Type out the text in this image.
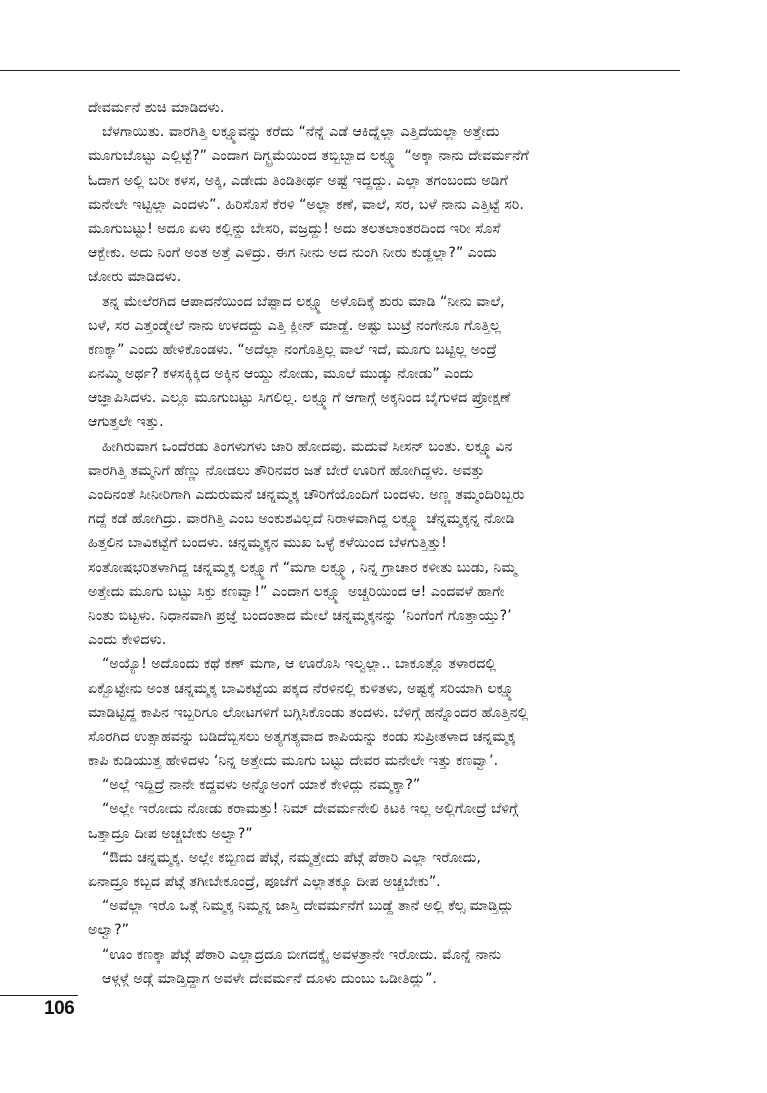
ದೇವರ್ಮನೆ ಶುಚಿ ಮಾಡಿದಳು.
ಬೆಳಗಾಯಿತು. ವಾರಗಿತ್ತಿ ಲಕ್ಷ್ಮೂವನ್ನು ಕರೆದು “ನೆನ್ನೆ ಎಡೆ ಆಕಿದ್ನೆಲ್ಲಾ ಎತ್ತಿದೆಯಲ್ಲಾ ಅತ್ತೇದು
ಮೂಗುಬೊಟ್ಟು ಎಲ್ಲಿಟ್ಟೆ?” ಎಂದಾಗ ದಿಗ್ಭ್ರಮೆಯಿಂದ ತಬ್ಬಿಬ್ಬಾದ ಲಕ್ಷ್ಮೂ “ಅಕ್ಕಾ ನಾನು ದೇವರ್ಮನೆಗೆ
ಓದಾಗ ಅಲ್ಲಿ ಬರೀ ಕಳಸ, ಅಕ್ಕಿ, ಎಡೇದು ತಿಂಡಿತೀರ್ಥ ಅಷ್ಟೆ ಇದ್ದದ್ದು. ಎಲ್ಲಾ ತಗಂಬಂದು ಅಡಿಗೆ
ಮನೇಲೇ ಇಟ್ಟಿಲ್ಲಾ ಎಂದಳು”. ಹಿರಿಸೊಸೆ ಕೆರಳಿ “ಅಲ್ಲಾ ಕಣೆ, ವಾಲೆ, ಸರ, ಬಳೆ ನಾನು ಎತ್ತಿಟ್ಟೆ ಸರಿ.
ಮೂಗುಬಟ್ಟು! ಅದೂ ಏಳು ಕಲ್ಲಿನ್ದು ಬೇಸರಿ, ವಜ್ರದ್ದು! ಅದು ತಲತಲಾಂತರದಿಂದ ಇರೀ ಸೊಸೆ
ಆಕ್ಬೇಕು. ಅದು ನಿಂಗೆ ಅಂತ ಅತ್ತೆ ಎಳಿದ್ರು. ಈಗ ನೀನು ಅದ ನುಂಗಿ ನೀರು ಕುಡ್ದಲ್ಲಾ?” ಎಂದು
ಜೋರು ಮಾಡಿದಳು.
ತನ್ನ ಮೇಲೆರಗಿದ ಆಪಾದನೆಯಿಂದ ಬೆಪ್ಪಾದ ಲಕ್ಷ್ಮೂ ಅಳೊದಿಕ್ಕೆ ಶುರು ಮಾಡಿ “ನೀನು ವಾಲೆ,
ಬಳೆ, ಸರ ಎತ್ತಂಡ್ಮೇಲೆ ನಾನು ಉಳದದ್ದು ಎತ್ತಿ ಕ್ಲೀನ್ ಮಾಡ್ದೆ. ಅಷ್ಟು ಬುಟ್ರೆ ನಂಗೇನೂ ಗೊತ್ತಿಲ್ಲ
ಕಣಕ್ಕಾ” ಎಂದು ಹೇಳಿಕೊಂಡಳು. “ಅದೆಲ್ಲಾ ನಂಗೊತ್ತಿಲ್ಲ ವಾಲೆ ಇದೆ, ಮೂಗು ಬಟ್ಟಿಲ್ಲ ಅಂದ್ರೆ
ಏನಮ್ಮಿ ಅರ್ಥ? ಕಳಸಕ್ಕಿಕ್ಕಿದ ಅಕ್ಕಿನ ಆಯ್ದು ನೋಡು, ಮೂಲೆ ಮುಡ್ಕು ನೋಡು” ಎಂದು
ಆಜ್ಞಾಪಿಸಿದಳು. ಎಲ್ಲೂ ಮೂಗುಬಟ್ಟು ಸಿಗಲಿಲ್ಲ. ಲಕ್ಷ್ಮೂಗೆ ಆಗಾಗ್ಗೆ ಅಕ್ಕನಿಂದ ಬೈಗುಳದ ಪ್ರೋಕ್ಷಣೆ
ಆಗುತ್ತಲೇ ಇತ್ತು.
ಹೀಗಿರುವಾಗ ಒಂದೆರಡು ತಿಂಗಳುಗಳು ಜಾರಿ ಹೋದವು. ಮದುವೆ ಸೀಸನ್ ಬಂತು. ಲಕ್ಷ್ಮೂವಿನ
ವಾರಗಿತ್ತಿ ತಮ್ಮನಿಗೆ ಹೆಣ್ಣು ನೋಡಲು ತೌರಿನವರ ಜತೆ ಬೇರೆ ಊರಿಗೆ ಹೋಗಿದ್ದಳು. ಅವತ್ತು
ಎಂದಿನಂತೆ ಸೀನೀರಿಗಾಗಿ ಎದುರುಮನೆ ಚನ್ನಮ್ಮಕ್ಕ ಚೌರಿಗೆಯೊಂದಿಗೆ ಬಂದಳು. ಅಣ್ಣ ತಮ್ಮಂದಿರಿಬ್ಬರು
ಗದ್ದೆ ಕಡೆ ಹೋಗಿದ್ರು. ವಾರಗಿತ್ತಿ ಎಂಬ ಅಂಕುಶವಿಲ್ಲದೆ ನಿರಾಳವಾಗಿದ್ದ ಲಕ್ಷ್ಮೂ ಚೆನ್ನಮ್ಮಕ್ಕನ್ನ ನೋಡಿ
ಹಿತ್ತಲಿನ ಬಾವಿಕಟ್ಟೆಗೆ ಬಂದಳು. ಚನ್ನಮ್ಮಕ್ಕನ ಮುಖ ಒಳ್ಳೆ ಕಳೆಯಿಂದ ಬೆಳಗುತ್ತಿತ್ತು!
ಸಂತೋಷಭರಿತಳಾಗಿದ್ದ ಚನ್ನಮ್ಮಕ್ಕ ಲಕ್ಷ್ಮೂಗೆ “ಮಗಾ ಲಕ್ಷ್ಮೂ, ನಿನ್ನ ಗ್ರಾಚಾರ ಕಳೀತು ಬುಡು, ನಿಮ್ಮ
ಅತ್ತೇದು ಮೂಗು ಬಟ್ಟು ಸಿಕ್ತು ಕಣವ್ವಾ!” ಎಂದಾಗ ಲಕ್ಷ್ಮೂ ಅಚ್ಚರಿಯಿಂದ ಆ! ಎಂದವಳೆ ಹಾಗೇ
ನಿಂತು ಬಿಟ್ಟಳು. ನಿಧಾನವಾಗಿ ಪ್ರಜ್ಞೆ ಬಂದಂತಾದ ಮೇಲೆ ಚನ್ನಮ್ಮಕ್ಕನನ್ನು ‘ನಿಂಗೆಂಗೆ ಗೊತ್ತಾಯ್ತು?’
ಎಂದು ಕೇಳಿದಳು.
“ಅಯ್ಯೊ! ಅದೊಂದು ಕಥೆ ಕಣ್ ಮಗಾ, ಆ ಊರೊಸಿ ಇಲ್ವಲ್ಲಾ.. ಬಾಕೂತ್ಲೊ ತಳಾರದಲ್ಲಿ
ಏಕ್ಬೊಟ್ಟೇನು ಅಂತ ಚನ್ನಮ್ಮಕ್ಕ ಬಾವಿಕಟ್ಟೆಯ ಪಕ್ಕದ ನೆರಳಿನಲ್ಲಿ ಕುಳಿತಳು, ಅಷ್ಟಕ್ಕೆ ಸರಿಯಾಗಿ ಲಕ್ಷ್ಮೂ
ಮಾಡಿಟ್ಟಿದ್ದ ಕಾಪಿನ ಇಬ್ಬರಿಗೂ ಲೋಟಗಳಿಗೆ ಬಗ್ಗಿಸಿಕೊಂಡು ತಂದಳು. ಬೆಳಿಗ್ಗೆ ಹನ್ನೊಂದರ ಹೊತ್ತಿನಲ್ಲಿ
ಸೊರಗಿದ ಉತ್ಸಾಹವನ್ನು ಬಡಿದೆಬ್ಬಿಸಲು ಅತ್ಯಗತ್ಯವಾದ ಕಾಪಿಯನ್ನು ಕಂಡು ಸುಪ್ರೀತಳಾದ ಚನ್ನಮ್ಮಕ್ಕ
ಕಾಪಿ ಕುಡಿಯುತ್ತ ಹೇಳಿದಳು ‘ನಿನ್ನ ಅತ್ತೇದು ಮೂಗು ಬಟ್ಟು ದೇವರ ಮನೇಲೇ ಇತ್ತು ಕಣವ್ವಾ’.
“ಅಲ್ಲೆ ಇದ್ದಿದ್ರೆ ನಾನೇ ಕದ್ದವಳು ಅನ್ನೊಅಂಗೆ ಯಾಕೆ ಕೇಳಿದ್ಲು ನಮ್ಮಕ್ಕಾ?”
“ಅಲ್ಲೇ ಇರೋದು ನೋಡು ಕರಾಮತ್ತು! ನಿಮ್ ದೇವರ್ಮನೇಲಿ ಕಿಟಕಿ ಇಲ್ಲ ಅಲ್ಲಿಗೋದ್ರೆ ಬೆಳಿಗ್ಗೆ
ಒತ್ತಾದ್ರೂ ದೀಪ ಅಚ್ಚಬೇಕು ಅಲ್ವಾ?”
“ಔದು ಚನ್ನಮ್ಮಕ್ಕ. ಅಲ್ಲೇ ಕಬ್ಬಿಣದ ಪೆಟ್ಗೆ, ನಮ್ಮತ್ತೇದು ಪೆಟ್ಗೆ ಪೆಠಾರಿ ಎಲ್ಲಾ ಇರೋದು,
ಏನಾದ್ರೂ ಕಬ್ಬದ ಪೆಟ್ಗೆ ತಗೀಬೇಕೂಂದ್ರೆ, ಪೂಜೆಗೆ ಎಲ್ಲಾತಕ್ಕೂ ದೀಪ ಅಚ್ಚಬೇಕು”.
“ಅವೆಲ್ಲಾ ಇರೊ ಒತ್ಗೆ ನಿಮ್ಮಕ್ಕ ನಿಮ್ಮನ್ನ ಜಾಸ್ತಿ ದೇವರ್ಮನೆಗೆ ಬುಡ್ದೆ ತಾನೆ ಅಲ್ಲಿ ಕೆಲ್ಸ ಮಾಡ್ತಿದ್ಲು
ಅಲ್ವಾ?”
“ಊಂ ಕಣಕ್ಕಾ ಪೆಟ್ಗೆ ಪೆಠಾರಿ ಎಲ್ಲಾದ್ರದೂ ಬೀಗದಕ್ಕೈ ಅವಳತ್ರಾನೇ ಇರೋದು. ಮೊನ್ನೆ ನಾನು
ಆಳ್ಗಳ್ಗೆ ಅಡ್ಗೆ ಮಾಡ್ತಿದ್ದಾಗ ಅವಳೇ ದೇವರ್ಮನೆ ದೂಳು ದುಂಬು ಒಡೀತಿದ್ಲು”.
106
